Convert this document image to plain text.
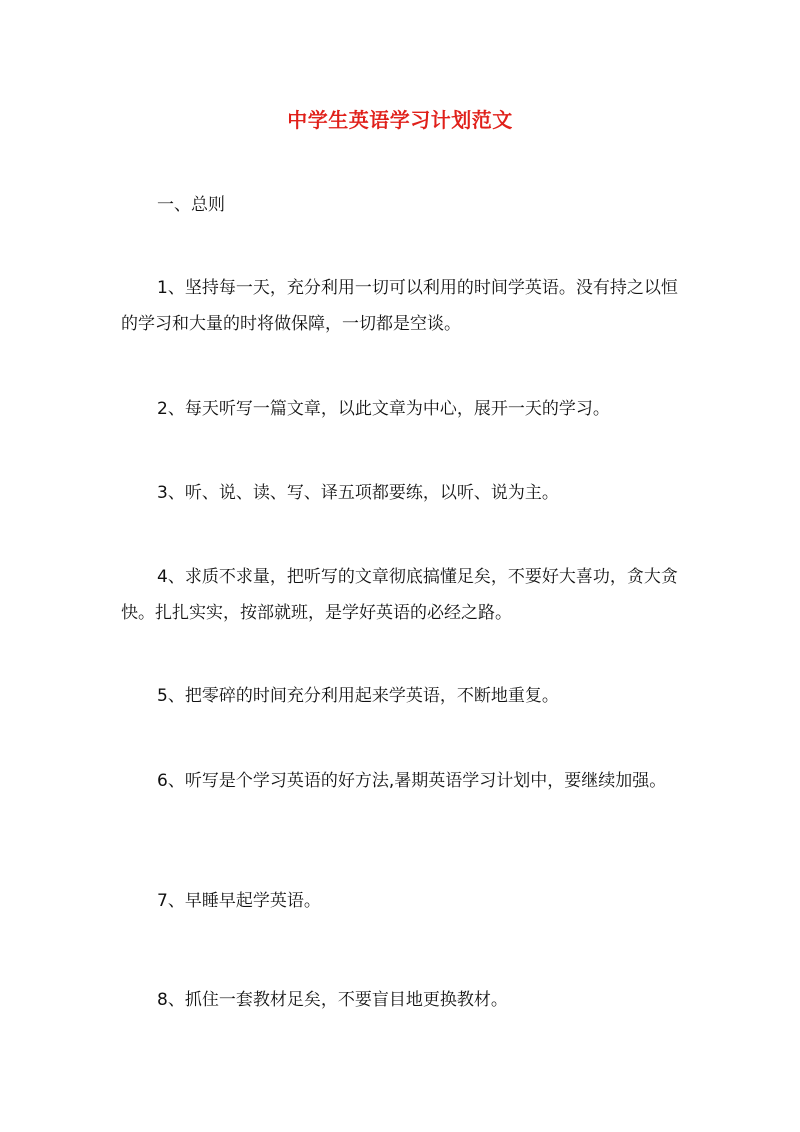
中学生英语学习计划范文

一、总则

1、坚持每一天，充分利用一切可以利用的时间学英语。没有持之以恒的学习和大量的时将做保障，一切都是空谈。

2、每天听写一篇文章，以此文章为中心，展开一天的学习。

3、听、说、读、写、译五项都要练，以听、说为主。

4、求质不求量，把听写的文章彻底搞懂足矣，不要好大喜功，贪大贪快。扎扎实实，按部就班，是学好英语的必经之路。

5、把零碎的时间充分利用起来学英语，不断地重复。

6、听写是个学习英语的好方法,暑期英语学习计划中，要继续加强。

7、早睡早起学英语。

8、抓住一套教材足矣，不要盲目地更换教材。
